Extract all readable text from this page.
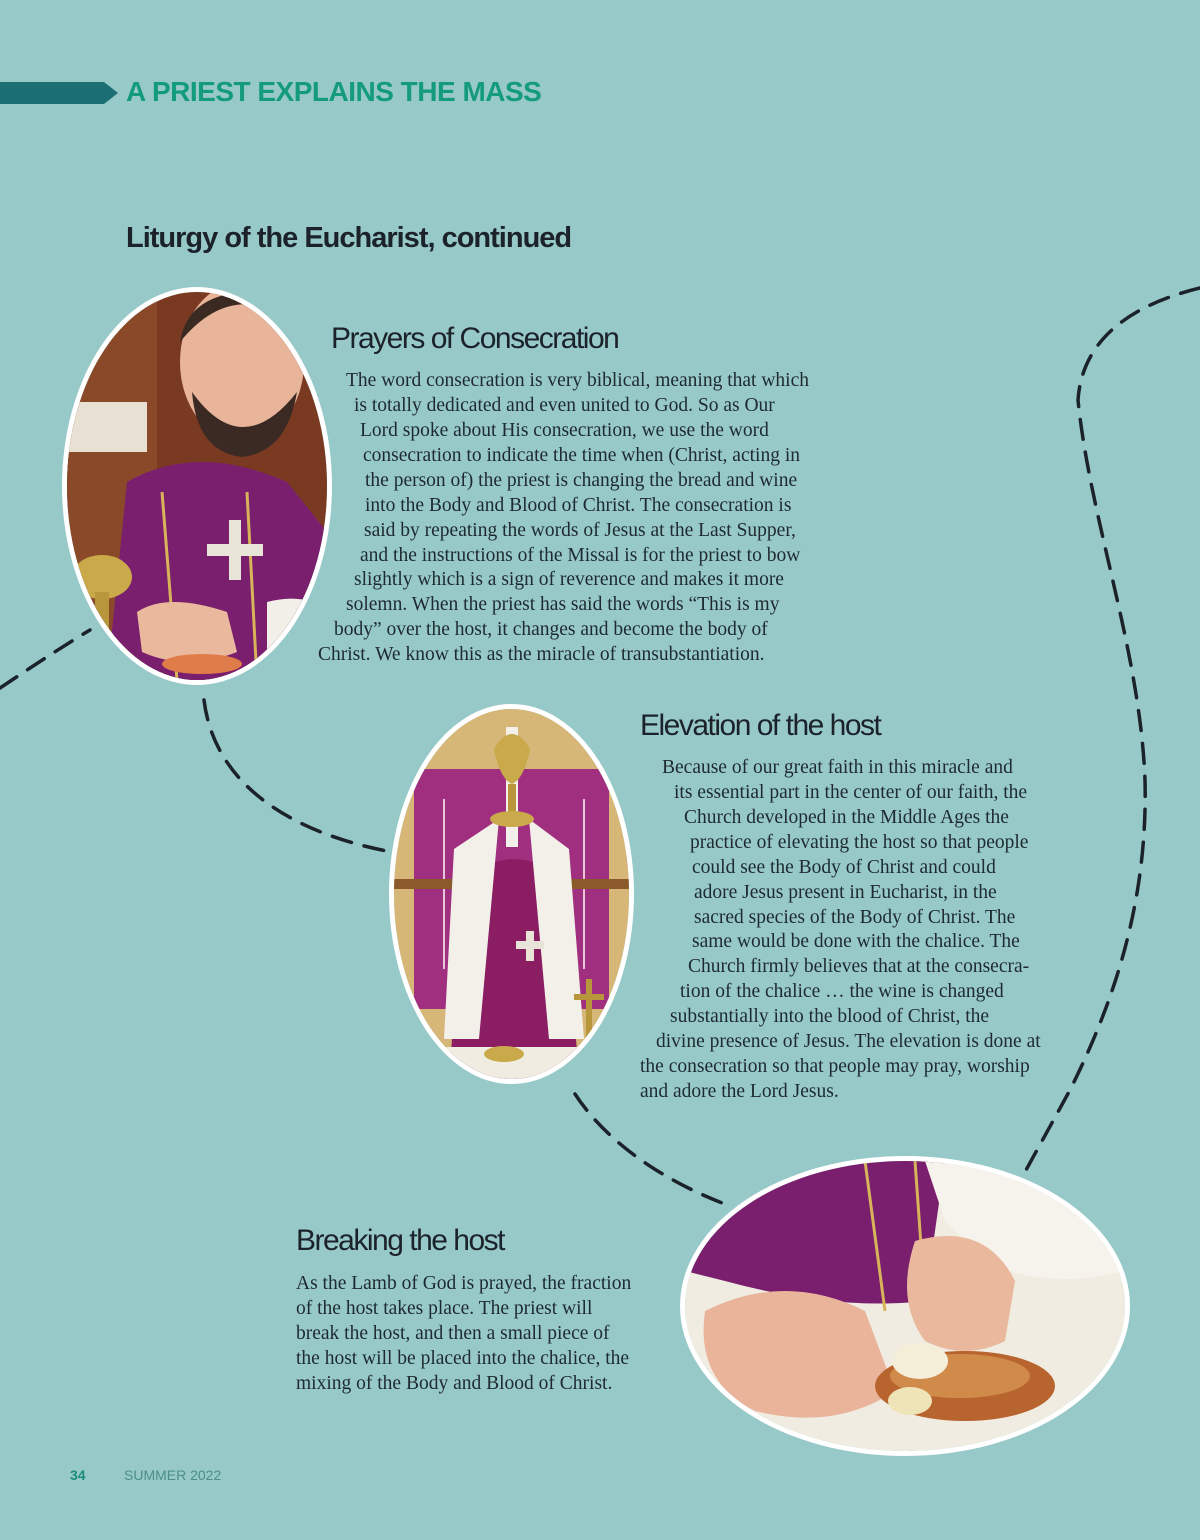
A PRIEST EXPLAINS THE MASS
Liturgy of the Eucharist, continued
Prayers of Consecration
The word consecration is very biblical, meaning that which
is totally dedicated and even united to God. So as Our
Lord spoke about His consecration, we use the word
consecration to indicate the time when (Christ, acting in
the person of) the priest is changing the bread and wine
into the Body and Blood of Christ. The consecration is
said by repeating the words of Jesus at the Last Supper,
and the instructions of the Missal is for the priest to bow
slightly which is a sign of reverence and makes it more
solemn. When the priest has said the words “This is my
body” over the host, it changes and become the body of
Christ. We know this as the miracle of transubstantiation.
Elevation of the host
Because of our great faith in this miracle and
its essential part in the center of our faith, the
Church developed in the Middle Ages the
practice of elevating the host so that people
could see the Body of Christ and could
adore Jesus present in Eucharist, in the
sacred species of the Body of Christ. The
same would be done with the chalice. The
Church firmly believes that at the consecra-
tion of the chalice … the wine is changed
substantially into the blood of Christ, the
divine presence of Jesus. The elevation is done at
the consecration so that people may pray, worship
and adore the Lord Jesus.
Breaking the host
As the Lamb of God is prayed, the fraction
of the host takes place. The priest will
break the host, and then a small piece of
the host will be placed into the chalice, the
mixing of the Body and Blood of Christ.
34	SUMMER 2022
